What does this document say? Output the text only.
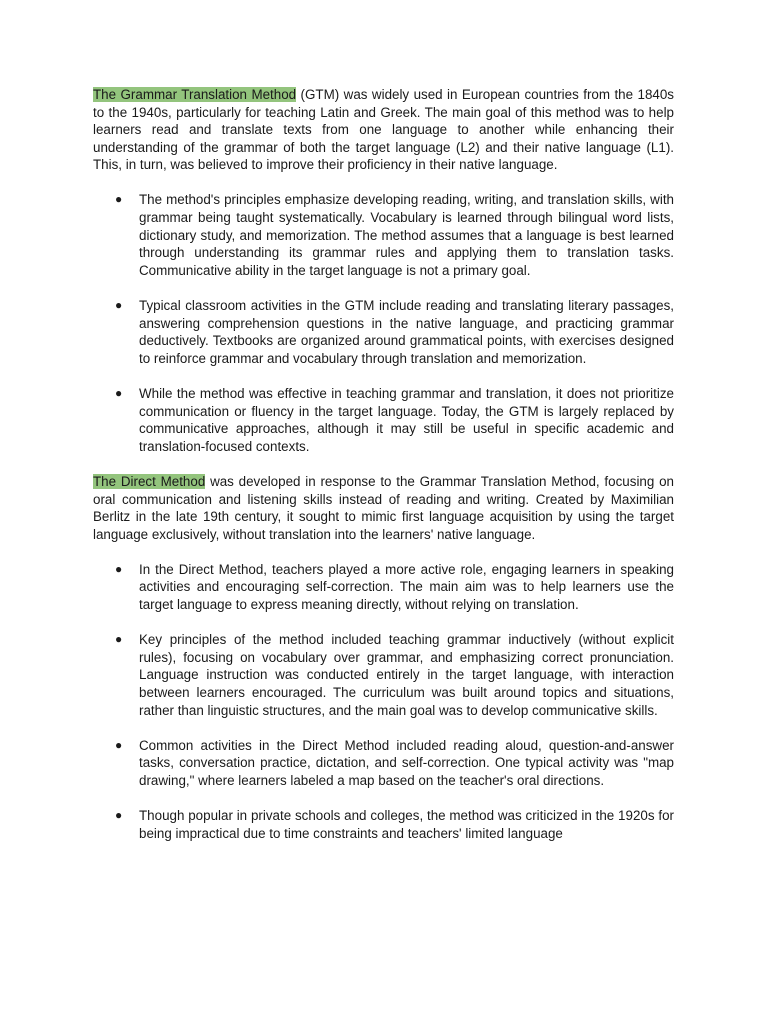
The Grammar Translation Method (GTM) was widely used in European countries from the 1840s to the 1940s, particularly for teaching Latin and Greek. The main goal of this method was to help learners read and translate texts from one language to another while enhancing their understanding of the grammar of both the target language (L2) and their native language (L1). This, in turn, was believed to improve their proficiency in their native language.

● The method's principles emphasize developing reading, writing, and translation skills, with grammar being taught systematically. Vocabulary is learned through bilingual word lists, dictionary study, and memorization. The method assumes that a language is best learned through understanding its grammar rules and applying them to translation tasks. Communicative ability in the target language is not a primary goal.
● Typical classroom activities in the GTM include reading and translating literary passages, answering comprehension questions in the native language, and practicing grammar deductively. Textbooks are organized around grammatical points, with exercises designed to reinforce grammar and vocabulary through translation and memorization.
● While the method was effective in teaching grammar and translation, it does not prioritize communication or fluency in the target language. Today, the GTM is largely replaced by communicative approaches, although it may still be useful in specific academic and translation-focused contexts.

The Direct Method was developed in response to the Grammar Translation Method, focusing on oral communication and listening skills instead of reading and writing. Created by Maximilian Berlitz in the late 19th century, it sought to mimic first language acquisition by using the target language exclusively, without translation into the learners' native language.

● In the Direct Method, teachers played a more active role, engaging learners in speaking activities and encouraging self-correction. The main aim was to help learners use the target language to express meaning directly, without relying on translation.
● Key principles of the method included teaching grammar inductively (without explicit rules), focusing on vocabulary over grammar, and emphasizing correct pronunciation. Language instruction was conducted entirely in the target language, with interaction between learners encouraged. The curriculum was built around topics and situations, rather than linguistic structures, and the main goal was to develop communicative skills.
● Common activities in the Direct Method included reading aloud, question-and-answer tasks, conversation practice, dictation, and self-correction. One typical activity was "map drawing," where learners labeled a map based on the teacher's oral directions.
● Though popular in private schools and colleges, the method was criticized in the 1920s for being impractical due to time constraints and teachers' limited language
